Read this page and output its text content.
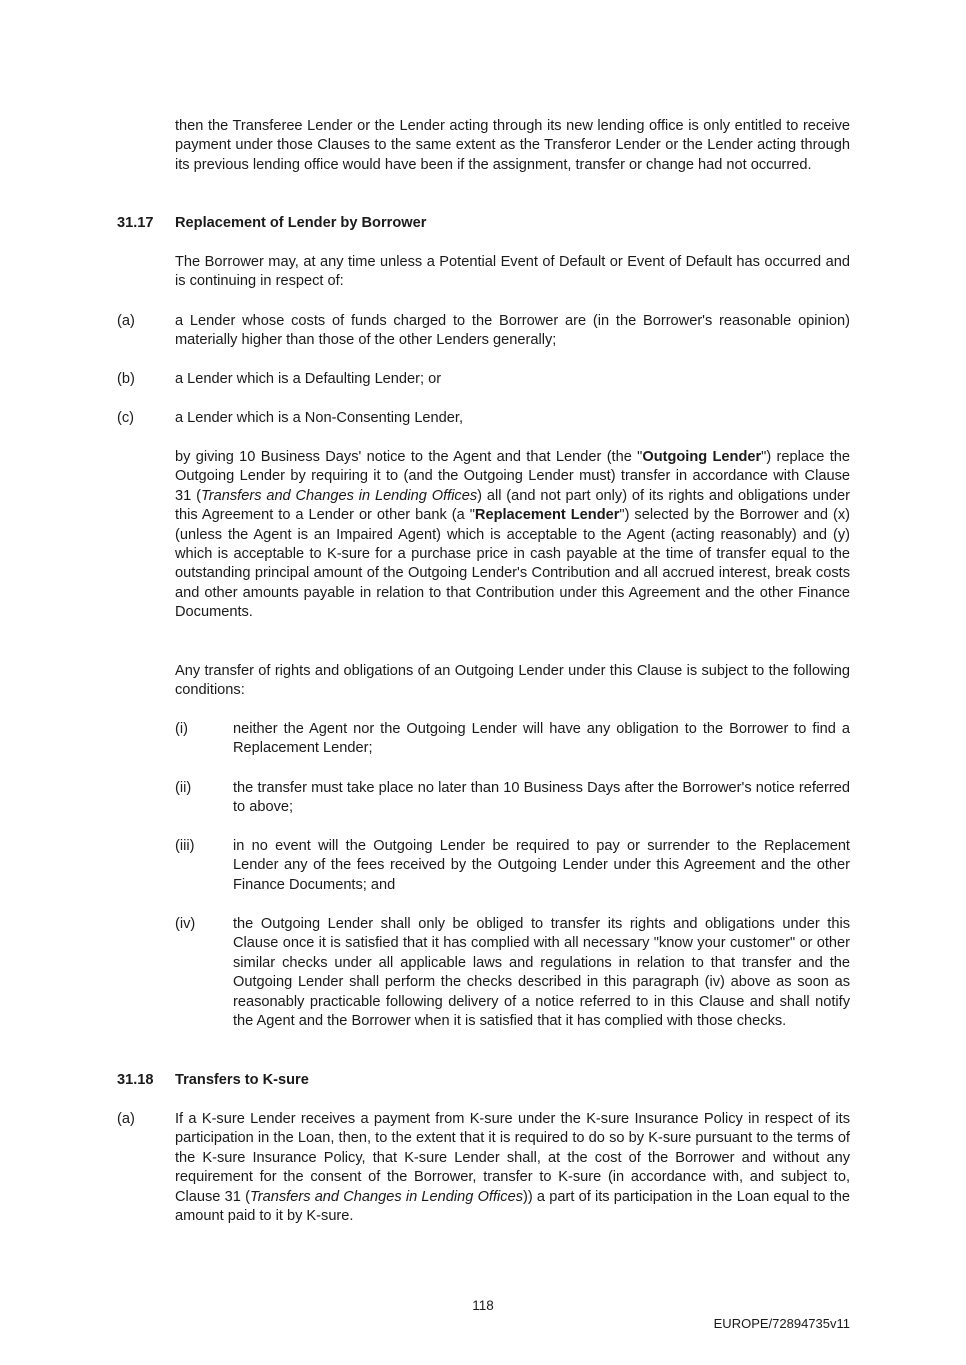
then the Transferee Lender or the Lender acting through its new lending office is only entitled to receive payment under those Clauses to the same extent as the Transferor Lender or the Lender acting through its previous lending office would have been if the assignment, transfer or change had not occurred.

31.17 Replacement of Lender by Borrower

The Borrower may, at any time unless a Potential Event of Default or Event of Default has occurred and is continuing in respect of:

(a)	a Lender whose costs of funds charged to the Borrower are (in the Borrower's reasonable opinion) materially higher than those of the other Lenders generally;

(b)	a Lender which is a Defaulting Lender; or

(c)	a Lender which is a Non-Consenting Lender,

by giving 10 Business Days' notice to the Agent and that Lender (the "Outgoing Lender") replace the Outgoing Lender by requiring it to (and the Outgoing Lender must) transfer in accordance with Clause 31 (Transfers and Changes in Lending Offices) all (and not part only) of its rights and obligations under this Agreement to a Lender or other bank (a "Replacement Lender") selected by the Borrower and (x) (unless the Agent is an Impaired Agent) which is acceptable to the Agent (acting reasonably) and (y) which is acceptable to K-sure for a purchase price in cash payable at the time of transfer equal to the outstanding principal amount of the Outgoing Lender's Contribution and all accrued interest, break costs and other amounts payable in relation to that Contribution under this Agreement and the other Finance Documents.

Any transfer of rights and obligations of an Outgoing Lender under this Clause is subject to the following conditions:

(i)	neither the Agent nor the Outgoing Lender will have any obligation to the Borrower to find a Replacement Lender;

(ii)	the transfer must take place no later than 10 Business Days after the Borrower's notice referred to above;

(iii)	in no event will the Outgoing Lender be required to pay or surrender to the Replacement Lender any of the fees received by the Outgoing Lender under this Agreement and the other Finance Documents; and

(iv)	the Outgoing Lender shall only be obliged to transfer its rights and obligations under this Clause once it is satisfied that it has complied with all necessary "know your customer" or other similar checks under all applicable laws and regulations in relation to that transfer and the Outgoing Lender shall perform the checks described in this paragraph (iv) above as soon as reasonably practicable following delivery of a notice referred to in this Clause and shall notify the Agent and the Borrower when it is satisfied that it has complied with those checks.

31.18 Transfers to K-sure

(a)	If a K-sure Lender receives a payment from K-sure under the K-sure Insurance Policy in respect of its participation in the Loan, then, to the extent that it is required to do so by K-sure pursuant to the terms of the K-sure Insurance Policy, that K-sure Lender shall, at the cost of the Borrower and without any requirement for the consent of the Borrower, transfer to K-sure (in accordance with, and subject to, Clause 31 (Transfers and Changes in Lending Offices)) a part of its participation in the Loan equal to the amount paid to it by K-sure.

118

EUROPE/72894735v11
